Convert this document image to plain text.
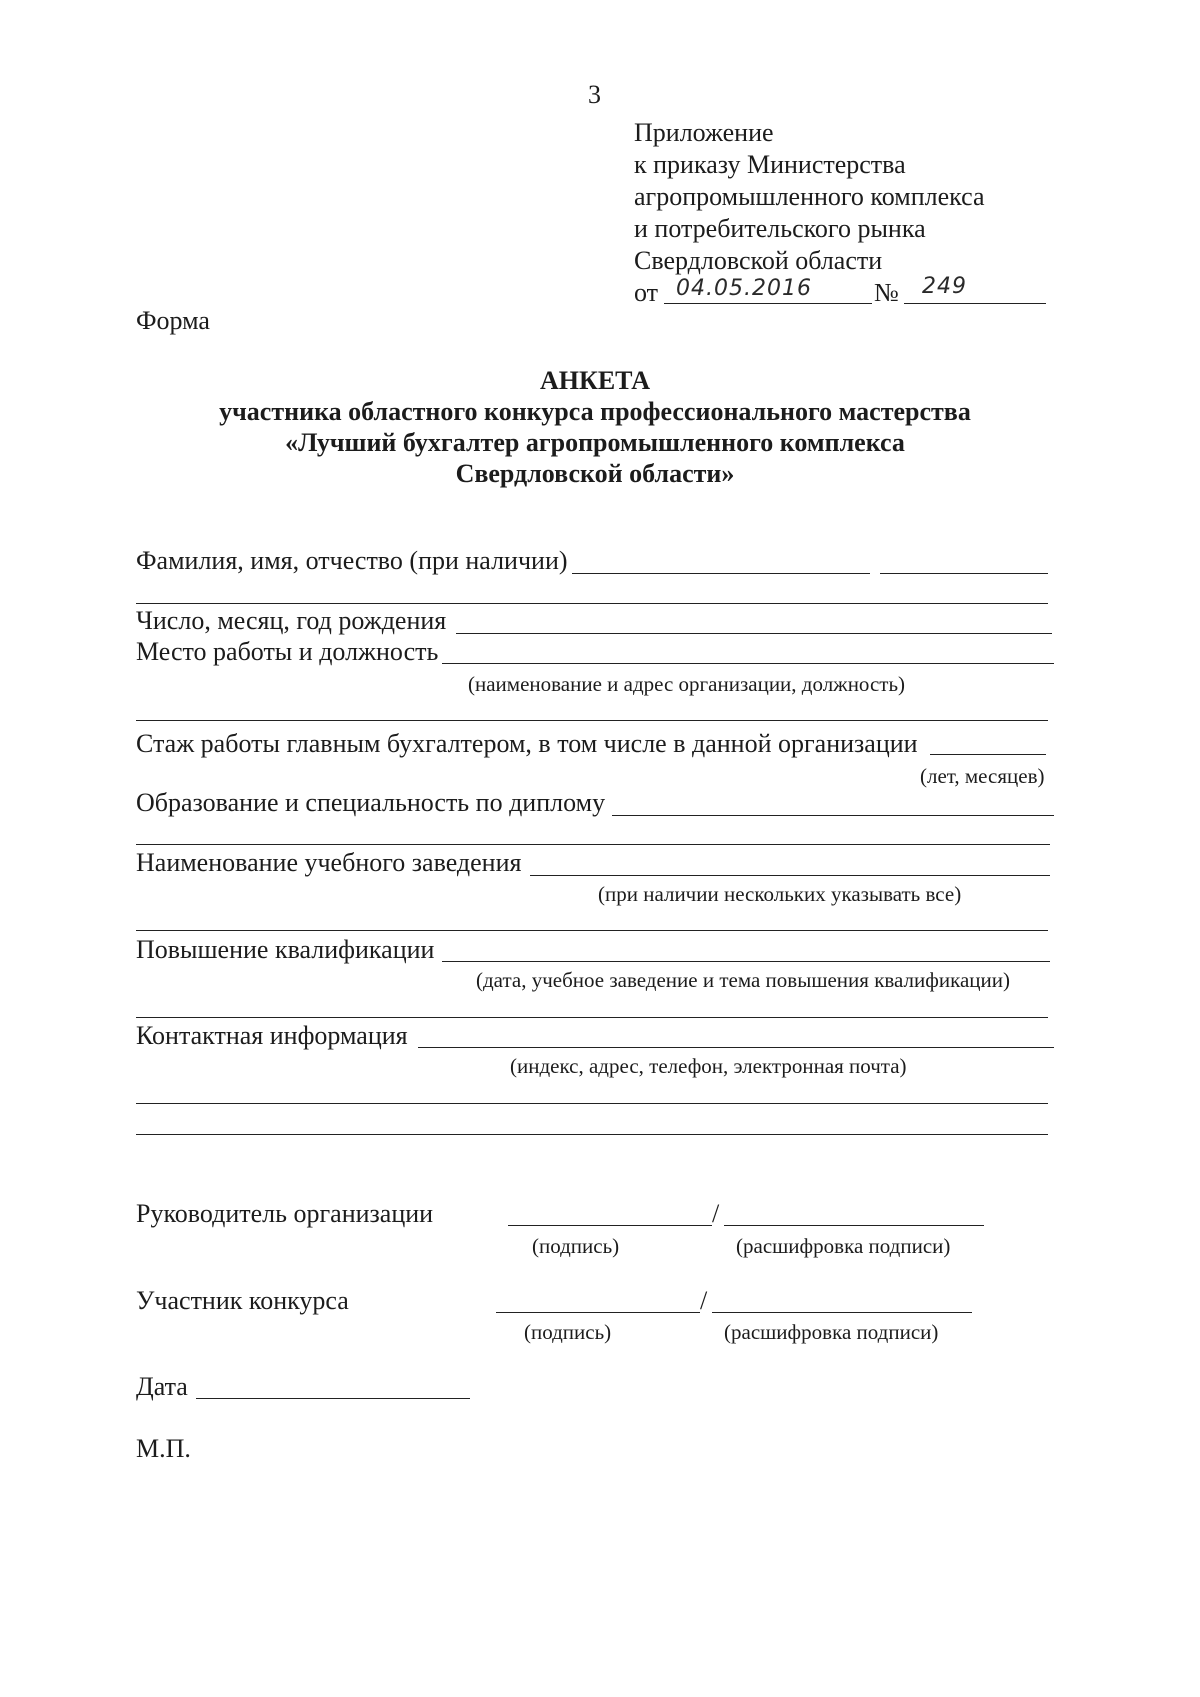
3
Приложение
к приказу Министерства
агропромышленного комплекса
и потребительского рынка
Свердловской области
от 04.05.2016 № 249
Форма
АНКЕТА
участника областного конкурса профессионального мастерства
«Лучший бухгалтер агропромышленного комплекса
Свердловской области»
Фамилия, имя, отчество (при наличии)
Число, месяц, год рождения
Место работы и должность
(наименование и адрес организации, должность)
Стаж работы главным бухгалтером, в том числе в данной организации
(лет, месяцев)
Образование и специальность по диплому
Наименование учебного заведения
(при наличии нескольких указывать все)
Повышение квалификации
(дата, учебное заведение и тема повышения квалификации)
Контактная информация
(индекс, адрес, телефон, электронная почта)
Руководитель организации	/
(подпись)	(расшифровка подписи)
Участник конкурса	/
(подпись)	(расшифровка подписи)
Дата
М.П.
